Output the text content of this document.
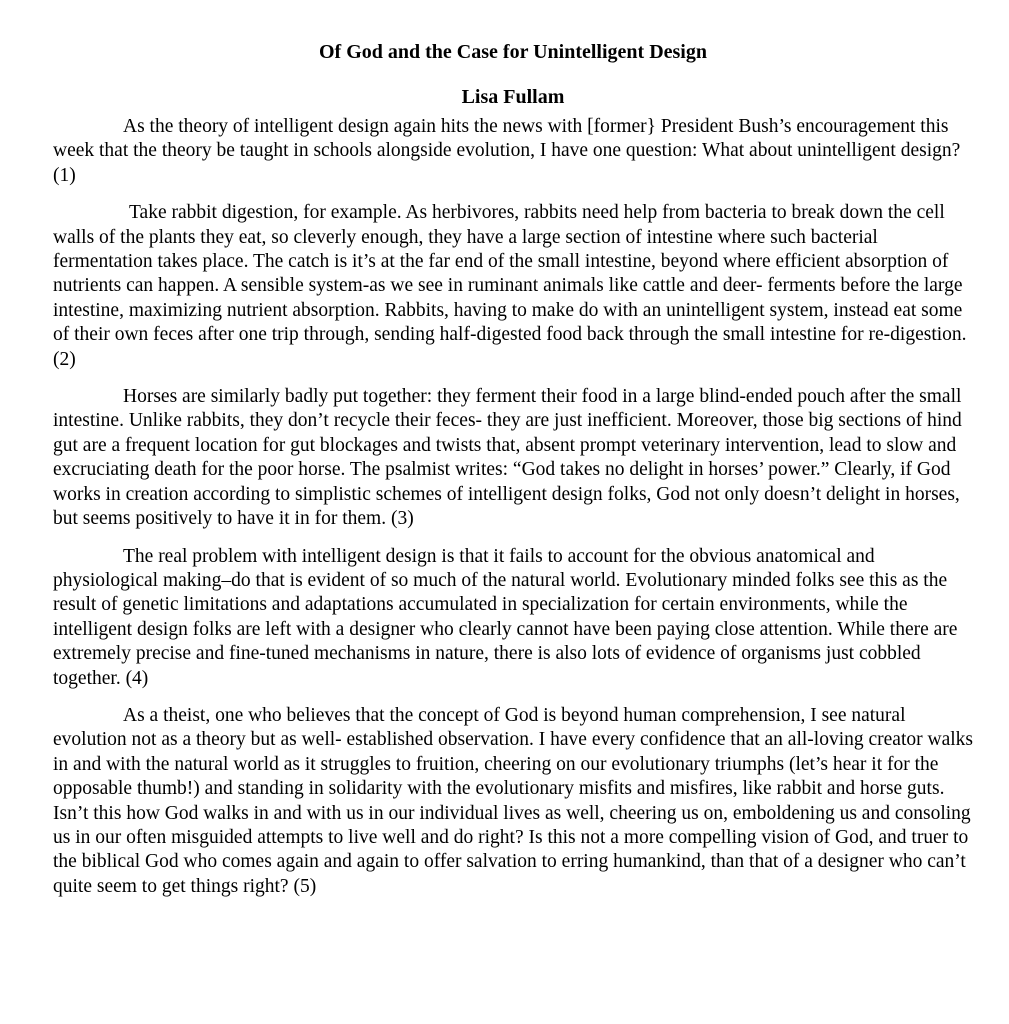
Of God and the Case for Unintelligent Design
Lisa Fullam

As the theory of intelligent design again hits the news with [former} President Bush’s encouragement this week that the theory be taught in schools alongside evolution, I have one question: What about unintelligent design? (1)

Take rabbit digestion, for example. As herbivores, rabbits need help from bacteria to break down the cell walls of the plants they eat, so cleverly enough, they have a large section of intestine where such bacterial fermentation takes place. The catch is it’s at the far end of the small intestine, beyond where efficient absorption of nutrients can happen. A sensible system-as we see in ruminant animals like cattle and deer- ferments before the large intestine, maximizing nutrient absorption. Rabbits, having to make do with an unintelligent system, instead eat some of their own feces after one trip through, sending half-digested food back through the small intestine for re-digestion. (2)

Horses are similarly badly put together: they ferment their food in a large blind-ended pouch after the small intestine. Unlike rabbits, they don’t recycle their feces- they are just inefficient. Moreover, those big sections of hind gut are a frequent location for gut blockages and twists that, absent prompt veterinary intervention, lead to slow and excruciating death for the poor horse. The psalmist writes: “God takes no delight in horses’ power.” Clearly, if God works in creation according to simplistic schemes of intelligent design folks, God not only doesn’t delight in horses, but seems positively to have it in for them. (3)

The real problem with intelligent design is that it fails to account for the obvious anatomical and physiological making–do that is evident of so much of the natural world. Evolutionary minded folks see this as the result of genetic limitations and adaptations accumulated in specialization for certain environments, while the intelligent design folks are left with a designer who clearly cannot have been paying close attention. While there are extremely precise and fine-tuned mechanisms in nature, there is also lots of evidence of organisms just cobbled together. (4)

As a theist, one who believes that the concept of God is beyond human comprehension, I see natural evolution not as a theory but as well- established observation. I have every confidence that an all-loving creator walks in and with the natural world as it struggles to fruition, cheering on our evolutionary triumphs (let’s hear it for the opposable thumb!) and standing in solidarity with the evolutionary misfits and misfires, like rabbit and horse guts. Isn’t this how God walks in and with us in our individual lives as well, cheering us on, emboldening us and consoling us in our often misguided attempts to live well and do right? Is this not a more compelling vision of God, and truer to the biblical God who comes again and again to offer salvation to erring humankind, than that of a designer who can’t quite seem to get things right? (5)
